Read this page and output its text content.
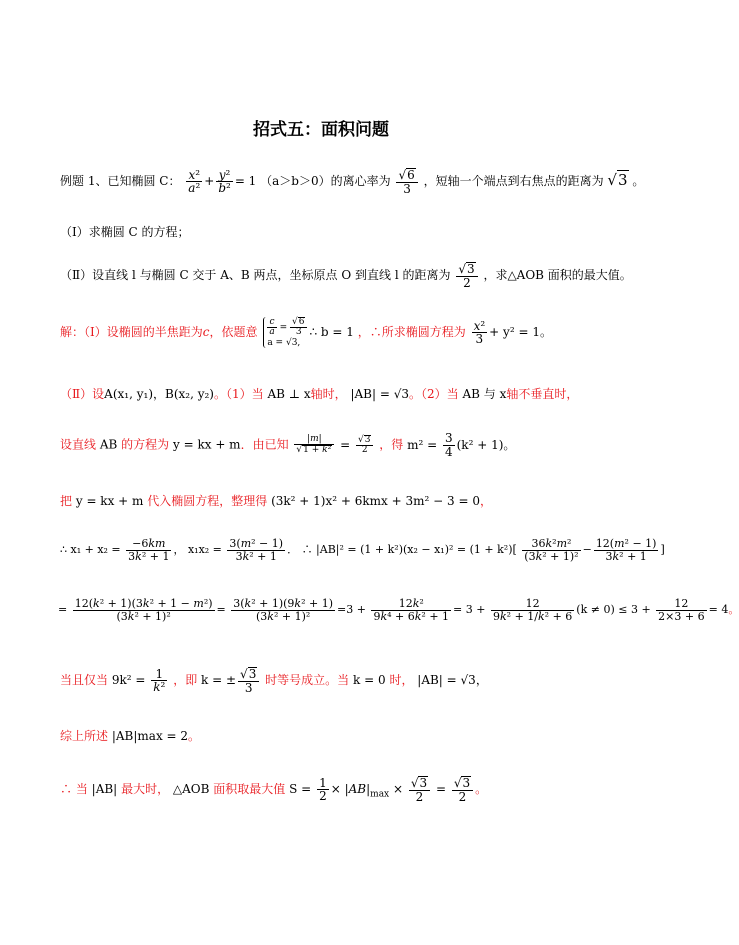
招式五：面积问题
例题 1、已知椭圆 C： $\frac{\text{x²}}{\text{a²}} + \frac{\text{y²}}{\text{b²}} = 1$ （a＞b＞0）的离心率为 $\frac{√6}{3}$ ，短轴一个端点到右焦点的距离为 √3 。
（Ⅰ）求椭圆 C 的方程；
（Ⅱ）设直线 l 与椭圆 C 交于 A、B 两点，坐标原点 O 到直线 l 的距离为 $\frac{√3}{2}$ ，求△AOB 面积的最大值。
解：（Ⅰ）设椭圆的半焦距为c，依题意 $\frac{c}{a} = \frac{√6}{3}$

a = √3,∴ b = 1 ，∴所求椭圆方程为 $\frac{\text{x²}}{3} + y^2 = 1$。
（Ⅱ）设A(x₁, y₁)，B(x₂, y₂)。（1）当 AB ⊥ x轴时， |AB| = √3。（2）当 AB 与 x轴不垂直时，
设直线 AB 的方程为 y = kx + m．由已知 $\frac{|m|}{\text{√1 + k²}} = \frac{√3}{2}$ ，得 $m^2 = \frac{3}{4} (k^2 + 1)$。
把 y = kx + m 代入椭圆方程，整理得 (3k² + 1)x² + 6kmx + 3m² − 3 = 0，
∴ $x_1 + x_2 = \frac{-6km}{\text{3k² + 1}}$ ， $x_1x_2 = \frac{\text{3(m² − 1)}}{\text{3k² + 1}}$ ． ∴ $|AB|^2 = (1 + k^2)(x_2 - x_1)^2 = (1 + k^2)[ \frac{\text{36k²m²}}{\text{(3k² + 1)²}} - \frac{\text{12(m² − 1)}}{\text{3k² + 1}}$ ]
= $\frac{\text{12(k² + 1)(3k² + 1 − m²)}}{\text{(3k² + 1)²}} = \frac{\text{3(k² + 1)(9k² + 1)}}{\text{(3k² + 1)²}} =3 + \frac{\text{12k²}}{\text{9k⁴ + 6k² + 1}} = 3 + \frac{12}{\text{9k² + 1/k² + 6}} (k \ne 0) \le 3 + \frac{12}{2\times 3 + 6} = 4$。
当且仅当 $9k^2 = \frac{1}{\text{k²}}$ ，即 k = ± $\frac{√3}{3}$ 时等号成立。当 k = 0 时， |AB| = √3，
综上所述 |AB|max = 2。
∴ 当 |AB| 最大时， △AOB 面积取最大值 $S = \frac{1}{2} \times |AB|_{max} \times \frac{√3}{2} = \frac{√3}{2}$ 。
